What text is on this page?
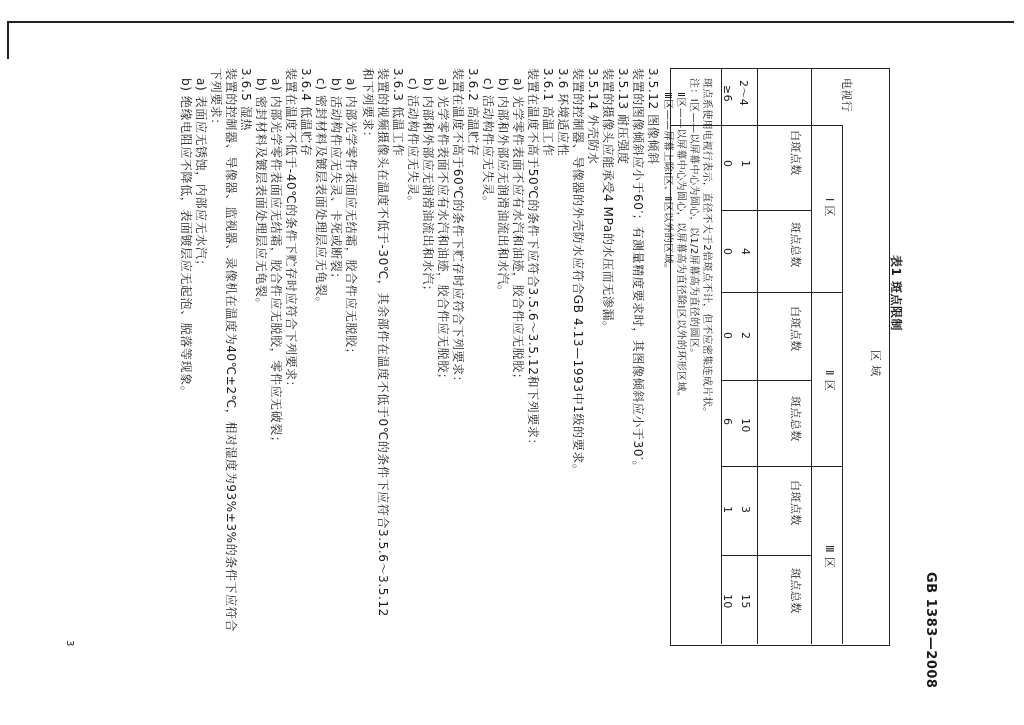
GB 1383—2008
表1 斑点限制
区 域
电视行
Ⅰ 区
Ⅱ 区
Ⅲ 区
白斑点数
斑点总数
白斑点数
斑点总数
白斑点数
斑点总数
2～4
1
4
2
10
3
15
≥6
0
0
0
6
1
10
斑点系使用电视行表示，直径不大于2倍斑点不计，但不应密集连成片状。
注：Ⅰ区——以屏幕中心为圆心，以1/2屏幕高为直径的圆区。
Ⅱ区——以屏幕中心为圆心，以屏幕高为直径除Ⅰ区以外的环形区域。
Ⅲ区——屏幕上除Ⅰ区、Ⅱ区以外的区域。
3.5.12 图像倾斜
装置的图像倾斜应小于60′；有测量精度要求时，其图像倾斜应小于30′。
3.5.13 耐压强度
装置的摄像头应能承受4 MPa的水压而无渗漏。
3.5.14 外壳防水
装置的控制器、导像器的外壳防水应符合GB 4.13—1993中1级的要求。
3.6 环境适应性
3.6.1 高温工作
装置在温度不高于50℃的条件下应符合3.5.6～3.5.12和下列要求：
a) 光学零件表面不应有水汽和油迹，胶合件应无脱胶；
b) 内部和外部应无润滑油流出和水汽。
c) 活动构件应无失灵。
3.6.2 高温贮存
装置在温度不高于60℃的条件下贮存时应符合下列要求：
a) 光学零件表面不应有水汽和油迹，胶合件应无脱胶；
b) 内部和外部应无润滑油流出和水汽；
c) 活动构件应无失灵。
3.6.3 低温工作
装置的视频摄像头在温度不低于-30℃，其余部件在温度不低于0℃的条件下应符合3.5.6～3.5.12
和下列要求：
a) 内部光学零件表面应无结霜，胶合件应无脱胶；
b) 活动构件应无失灵、卡死或断裂；
c) 密封材料及镀层表面处理层应无龟裂。
3.6.4 低温贮存
装置在温度不低于-40℃的条件下贮存时应符合下列要求：
a) 内部光学零件表面应无结霜，胶合件应无脱胶，零件应无破裂；
b) 密封材料及镀层表面处理层应无龟裂。
3.6.5 湿热
装置的控制器、导像器、监视器、录像机在温度为40℃±2℃，相对湿度为93%±3%的条件下应符合
下列要求：
a) 表面应无锈蚀，内部应无水汽；
b) 绝缘电阻应不降低，表面镀层应无起泡、脱落等现象。
3
